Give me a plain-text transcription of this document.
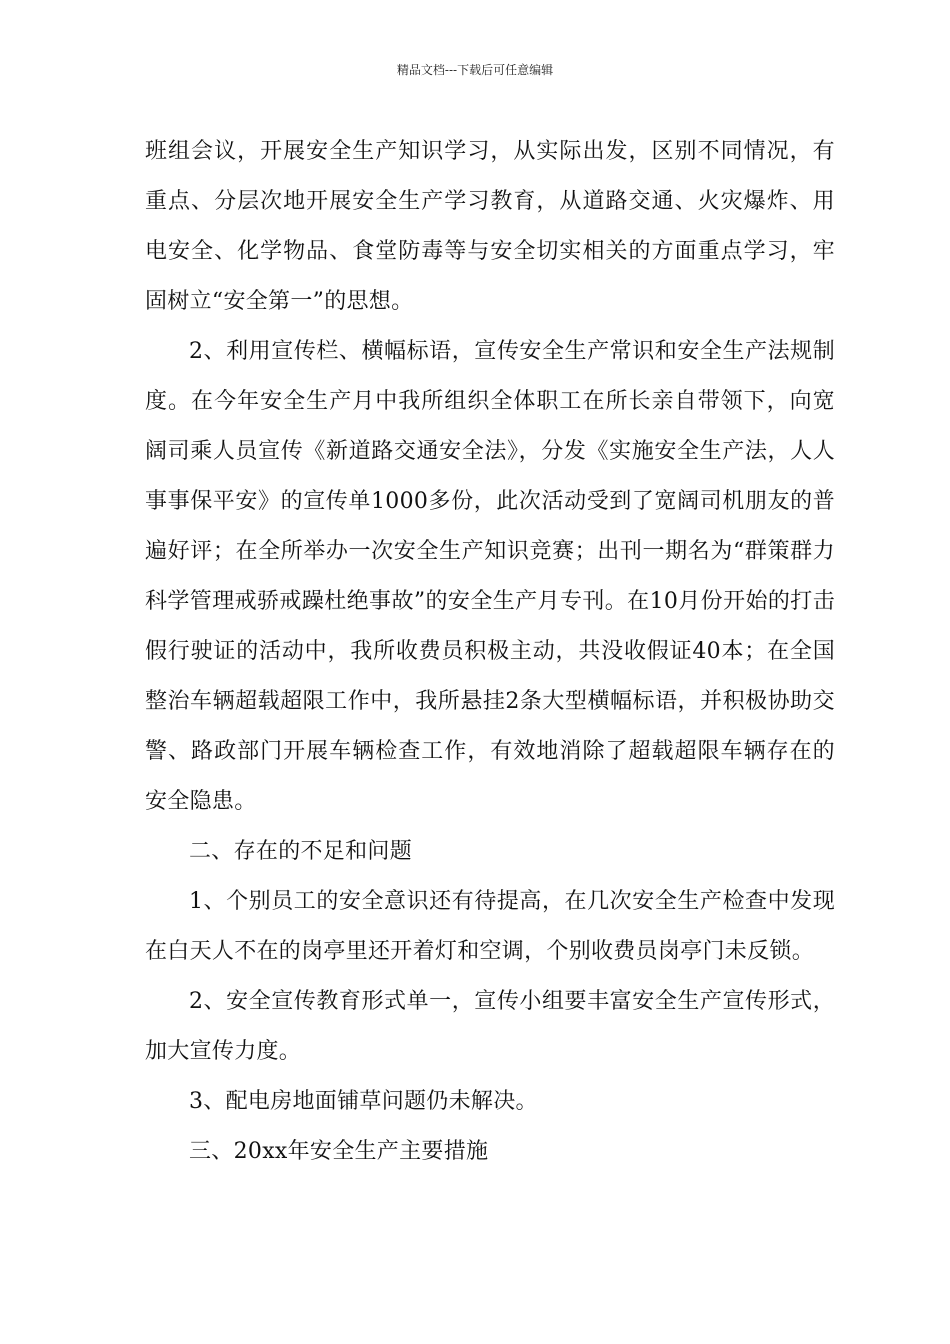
精品文档---下载后可任意编辑

班组会议，开展安全生产知识学习，从实际出发，区别不同情况，有重点、分层次地开展安全生产学习教育，从道路交通、火灾爆炸、用电安全、化学物品、食堂防毒等与安全切实相关的方面重点学习，牢固树立“安全第一”的思想。

2、利用宣传栏、横幅标语，宣传安全生产常识和安全生产法规制度。在今年安全生产月中我所组织全体职工在所长亲自带领下，向宽阔司乘人员宣传《新道路交通安全法》，分发《实施安全生产法，人人事事保平安》的宣传单1000多份，此次活动受到了宽阔司机朋友的普遍好评；在全所举办一次安全生产知识竞赛；出刊一期名为“群策群力科学管理戒骄戒躁杜绝事故”的安全生产月专刊。在10月份开始的打击假行驶证的活动中，我所收费员积极主动，共没收假证40本；在全国整治车辆超载超限工作中，我所悬挂2条大型横幅标语，并积极协助交警、路政部门开展车辆检查工作，有效地消除了超载超限车辆存在的安全隐患。

二、存在的不足和问题

1、个别员工的安全意识还有待提高，在几次安全生产检查中发现在白天人不在的岗亭里还开着灯和空调，个别收费员岗亭门未反锁。

2、安全宣传教育形式单一，宣传小组要丰富安全生产宣传形式，加大宣传力度。

3、配电房地面铺草问题仍未解决。

三、20xx年安全生产主要措施
